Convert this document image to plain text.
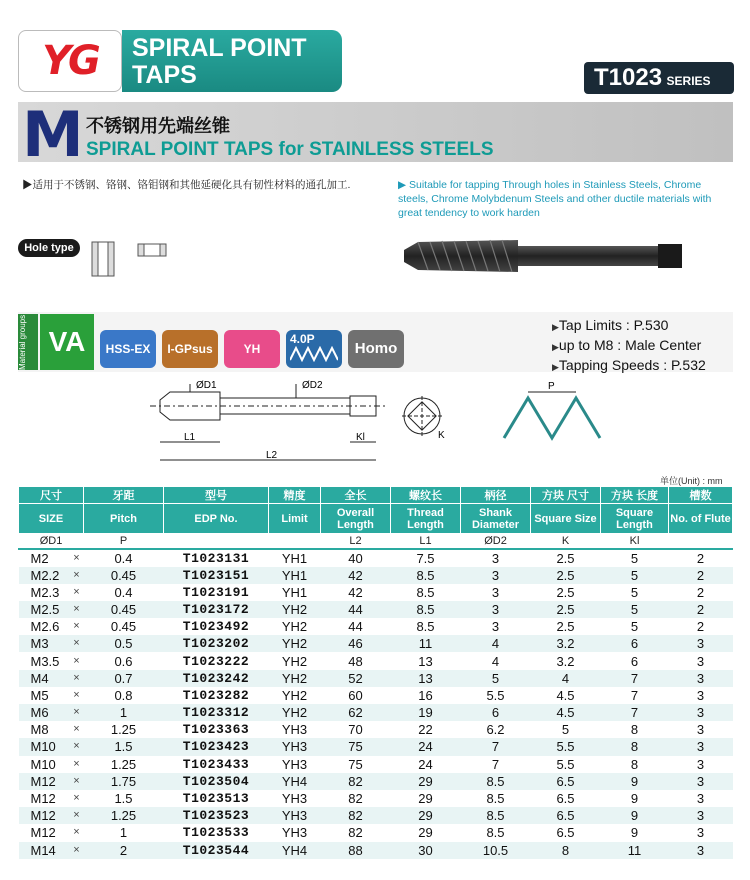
YG SPIRAL POINT
TAPS	T1023 SERIES
M 不锈钢用先端丝锥
SPIRAL POINT TAPS for STAINLESS STEELS
▶适用于不锈钢、铬钢、铬钼钢和其他延硬化具有韧性材料的通孔加工.	▶ Suitable for tapping Through holes in Stainless Steels, Chrome steels, Chrome Molybdenum Steels and other ductile materials with great tendency to work harden
Hole type
Material groups VA	HSS-EX	I-GPsus	YH
4.0P
Homo
▶ Tap Limits : P.530
▶ up to M8 : Male Center
▶ Tapping Speeds : P.532
ØD1	ØD2
L1
L2
Kl	K
P
单位(Unit) : mm
尺寸		牙距	型号	精度	全长	螺纹长	柄径	方块 尺寸	方块 长度	槽数
SIZE		Pitch	EDP No.	Limit	Overall Length	Thread Length	Shank Diameter	Square Size	Square Length	No. of Flute
ØD1		P			L2	L1	ØD2	K	Kl	
M2	×	0.4	T1023131	YH1	40	7.5	3	2.5	5	2
M2.2	×	0.45	T1023151	YH1	42	8.5	3	2.5	5	2
M2.3	×	0.4	T1023191	YH1	42	8.5	3	2.5	5	2
M2.5	×	0.45	T1023172	YH2	44	8.5	3	2.5	5	2
M2.6	×	0.45	T1023492	YH2	44	8.5	3	2.5	5	2
M3	×	0.5	T1023202	YH2	46	11	4	3.2	6	3
M3.5	×	0.6	T1023222	YH2	48	13	4	3.2	6	3
M4	×	0.7	T1023242	YH2	52	13	5	4	7	3
M5	×	0.8	T1023282	YH2	60	16	5.5	4.5	7	3
M6	×	1	T1023312	YH2	62	19	6	4.5	7	3
M8	×	1.25	T1023363	YH3	70	22	6.2	5	8	3
M10	×	1.5	T1023423	YH3	75	24	7	5.5	8	3
M10	×	1.25	T1023433	YH3	75	24	7	5.5	8	3
M12	×	1.75	T1023504	YH4	82	29	8.5	6.5	9	3
M12	×	1.5	T1023513	YH3	82	29	8.5	6.5	9	3
M12	×	1.25	T1023523	YH3	82	29	8.5	6.5	9	3
M12	×	1	T1023533	YH3	82	29	8.5	6.5	9	3
M14	×	2	T1023544	YH4	88	30	10.5	8	11	3
